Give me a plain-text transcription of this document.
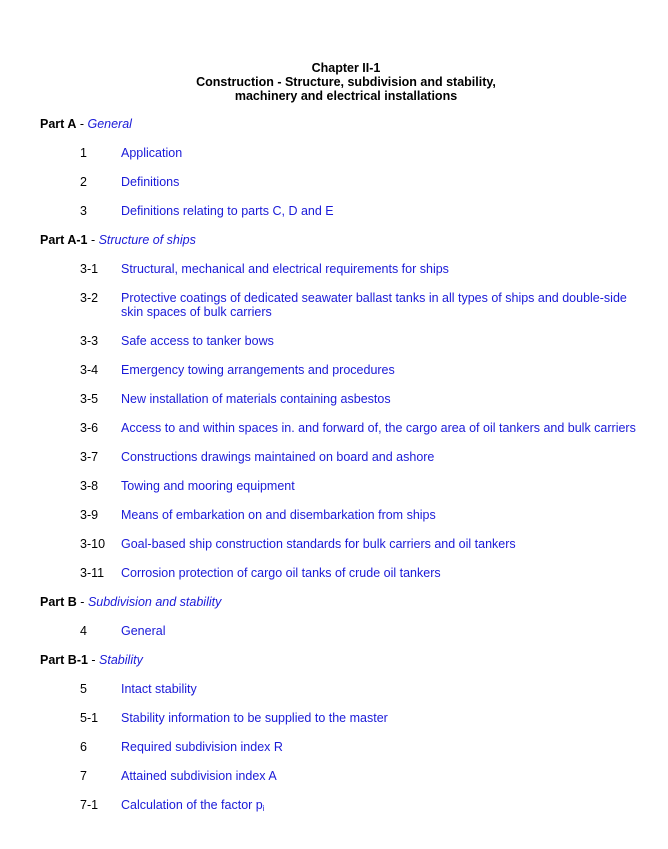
Chapter II-1
Construction - Structure, subdivision and stability,
machinery and electrical installations
Part A - General
1	Application
2	Definitions
3	Definitions relating to parts C, D and E
Part A-1 - Structure of ships
3-1 Structural, mechanical and electrical requirements for ships
3-2 Protective coatings of dedicated seawater ballast tanks in all types of ships and double-side skin spaces of bulk carriers
3-3 Safe access to tanker bows
3-4 Emergency towing arrangements and procedures
3-5 New installation of materials containing asbestos
3-6 Access to and within spaces in. and forward of, the cargo area of oil tankers and bulk carriers
3-7 Constructions drawings maintained on board and ashore
3-8 Towing and mooring equipment
3-9 Means of embarkation on and disembarkation from ships
3-10 Goal-based ship construction standards for bulk carriers and oil tankers
3-11 Corrosion protection of cargo oil tanks of crude oil tankers
Part B - Subdivision and stability
4	General
Part B-1 - Stability
5	Intact stability
5-1 Stability information to be supplied to the master
6	Required subdivision index R
7	Attained subdivision index A
7-1 Calculation of the factor $p_i$
